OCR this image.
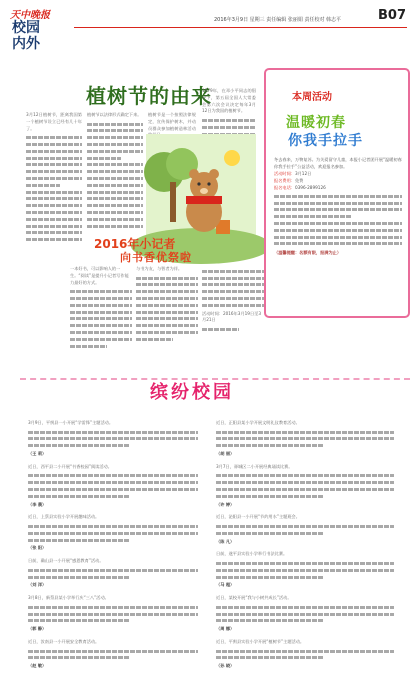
天中晚报
校园
内外
2016年3月9日 星期三 责任编辑 张丽娟 责任校对 韩志平	B07
植树节的由来
3月12日植树节，距离我国第一个植树节设立已经有几十年了。
植树节以法律形式确定下来。	植树节是一个按照法律规定，宣传保护树木，并动员群众参加植树造林活动
1979年，在邓小平同志的倡导下，第五届全国人大常委会第六次会议决定每年3月12日为我国的植树节。
本周活动
温暖初春
你我手拉手
冬去春来，万物复苏。为关爱留守儿童，本报小记者团开展“温暖初春 你我手拉手”公益活动，欢迎报名参加。
活动时间：3月12日
报名费用：免费
报名电话：0396-2899126
（温馨提醒：名额有限，报满为止）
2016年小记者
向书香优祭啦
一本好书，可以影响人的一生。“阅读”是提升小记者写作能力最好的方式。
与书为友，与智者为伴。
活动时间：2016年3月19日至3月21日
缤纷校园
3月9日，平舆县一小开展“学雷锋”主题活动。
（王 莉）
近日，西平县二小开展“书香校园”阅读活动。
（李 晨）
近日，上蔡县实验小学开展趣味活动。
（张 阳）
日前，确山县一小开展“感恩教育”活动。
（刘 洋）
3月8日，新蔡县某小学举行庆“三八”活动。
（郭 静）
近日，汝南县一小开展安全教育活动。
（赵 敏）
近日，正阳县某小学开展文明礼仪教育活动。
（胡 丽）
3月7日，驿城区二小开展经典诵读比赛。
（许 婷）
近日，泌阳县一小开展“节约用水”主题班会。
（陈 凡）
日前，遂平县实验小学举行书法比赛。
（马 超）
近日，某校开展“我与小树共成长”活动。
（周 娜）
近日，平舆县实验小学开展“植树节”主题活动。
（孙 晓）
